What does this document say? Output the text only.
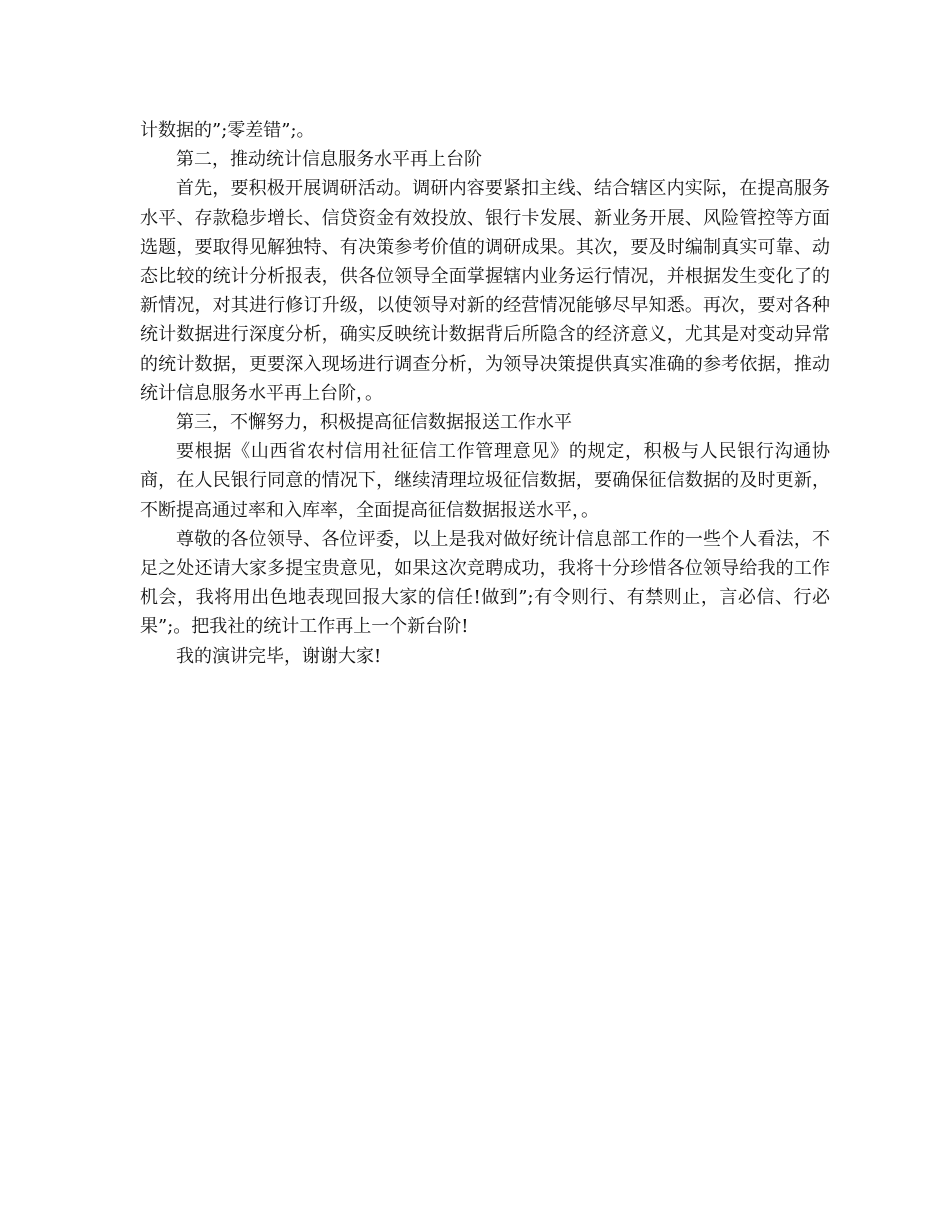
计数据的”;零差错”;。

第二，推动统计信息服务水平再上台阶

首先，要积极开展调研活动。调研内容要紧扣主线、结合辖区内实际，在提高服务水平、存款稳步增长、信贷资金有效投放、银行卡发展、新业务开展、风险管控等方面选题，要取得见解独特、有决策参考价值的调研成果。其次，要及时编制真实可靠、动态比较的统计分析报表，供各位领导全面掌握辖内业务运行情况，并根据发生变化了的新情况，对其进行修订升级，以使领导对新的经营情况能够尽早知悉。再次，要对各种统计数据进行深度分析，确实反映统计数据背后所隐含的经济意义，尤其是对变动异常的统计数据，更要深入现场进行调查分析，为领导决策提供真实准确的参考依据，推动统计信息服务水平再上台阶，。

第三，不懈努力，积极提高征信数据报送工作水平

要根据《山西省农村信用社征信工作管理意见》的规定，积极与人民银行沟通协商，在人民银行同意的情况下，继续清理垃圾征信数据，要确保征信数据的及时更新，不断提高通过率和入库率，全面提高征信数据报送水平，。

尊敬的各位领导、各位评委，以上是我对做好统计信息部工作的一些个人看法，不足之处还请大家多提宝贵意见，如果这次竞聘成功，我将十分珍惜各位领导给我的工作机会，我将用出色地表现回报大家的信任!做到”;有令则行、有禁则止，言必信、行必果”;。把我社的统计工作再上一个新台阶!

我的演讲完毕，谢谢大家!
